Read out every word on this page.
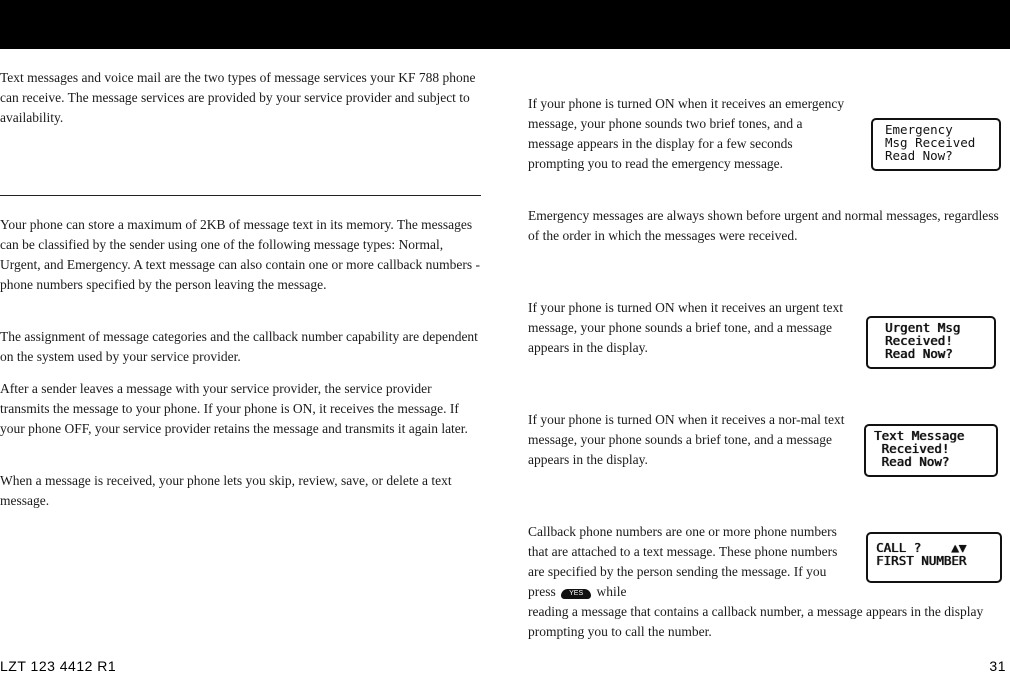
Text messages and voice mail are the two types of message services your KF 788 phone can receive. The message services are provided by your service provider and subject to availability.

Your phone can store a maximum of 2KB of message text in its memory. The messages can be classified by the sender using one of the following message types: Normal, Urgent, and Emergency. A text message can also contain one or more callback numbers - phone numbers specified by the person leaving the message.

The assignment of message categories and the callback number capability are dependent on the system used by your service provider.

After a sender leaves a message with your service provider, the service provider transmits the message to your phone. If your phone is ON, it receives the message. If your phone OFF, your service provider retains the message and transmits it again later.

When a message is received, your phone lets you skip, review, save, or delete a text message.

If your phone is turned ON when it receives an emergency message, your phone sounds two brief tones, and a message appears in the display for a few seconds prompting you to read the emergency message.

Emergency
Msg Received
Read Now?

Emergency messages are always shown before urgent and normal messages, regardless of the order in which the messages were received.

If your phone is turned ON when it receives an urgent text message, your phone sounds a brief tone, and a message appears in the display.

Urgent Msg
Received!
Read Now?

If your phone is turned ON when it receives a nor-mal text message, your phone sounds a brief tone, and a message appears in the display.

Text Message
Received!
Read Now?

Callback phone numbers are one or more phone numbers that are attached to a text message. These phone numbers are specified by the person sending the message. If you press YES while

reading a message that contains a callback number, a message appears in the display prompting you to call the number.

CALL ?    ▲▼
FIRST NUMBER
LZT 123 4412 R1	31
